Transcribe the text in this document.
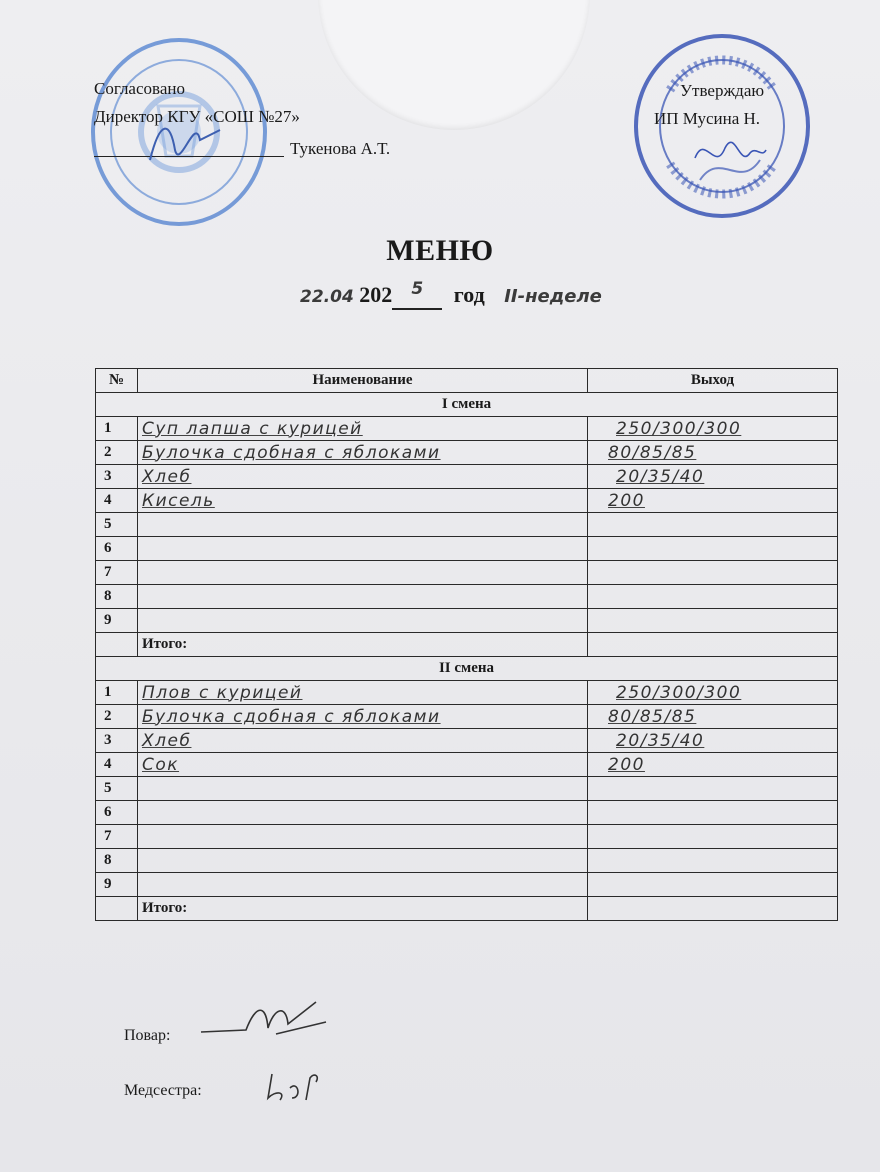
Согласовано
Директор КГУ «СОШ №27»
Тукенова А.Т.
Утверждаю
ИП Мусина Н.
МЕНЮ
22.04 202 $^5$ год II-неделе
№	Наименование	Выход
I смена		
1	Суп лапша с курицей	250/300/300
2	Булочка сдобная с яблоками	80/85/85
3	Хлеб	20/35/40
4	Кисель	200
5		
6		
7		
8		
9		
	Итого:	
II смена		
1	Плов с курицей	250/300/300
2	Булочка сдобная с яблоками	80/85/85
3	Хлеб	20/35/40
4	Сок	200
5		
6		
7		
8		
9		
	Итого:	
Повар:
Медсестра:
